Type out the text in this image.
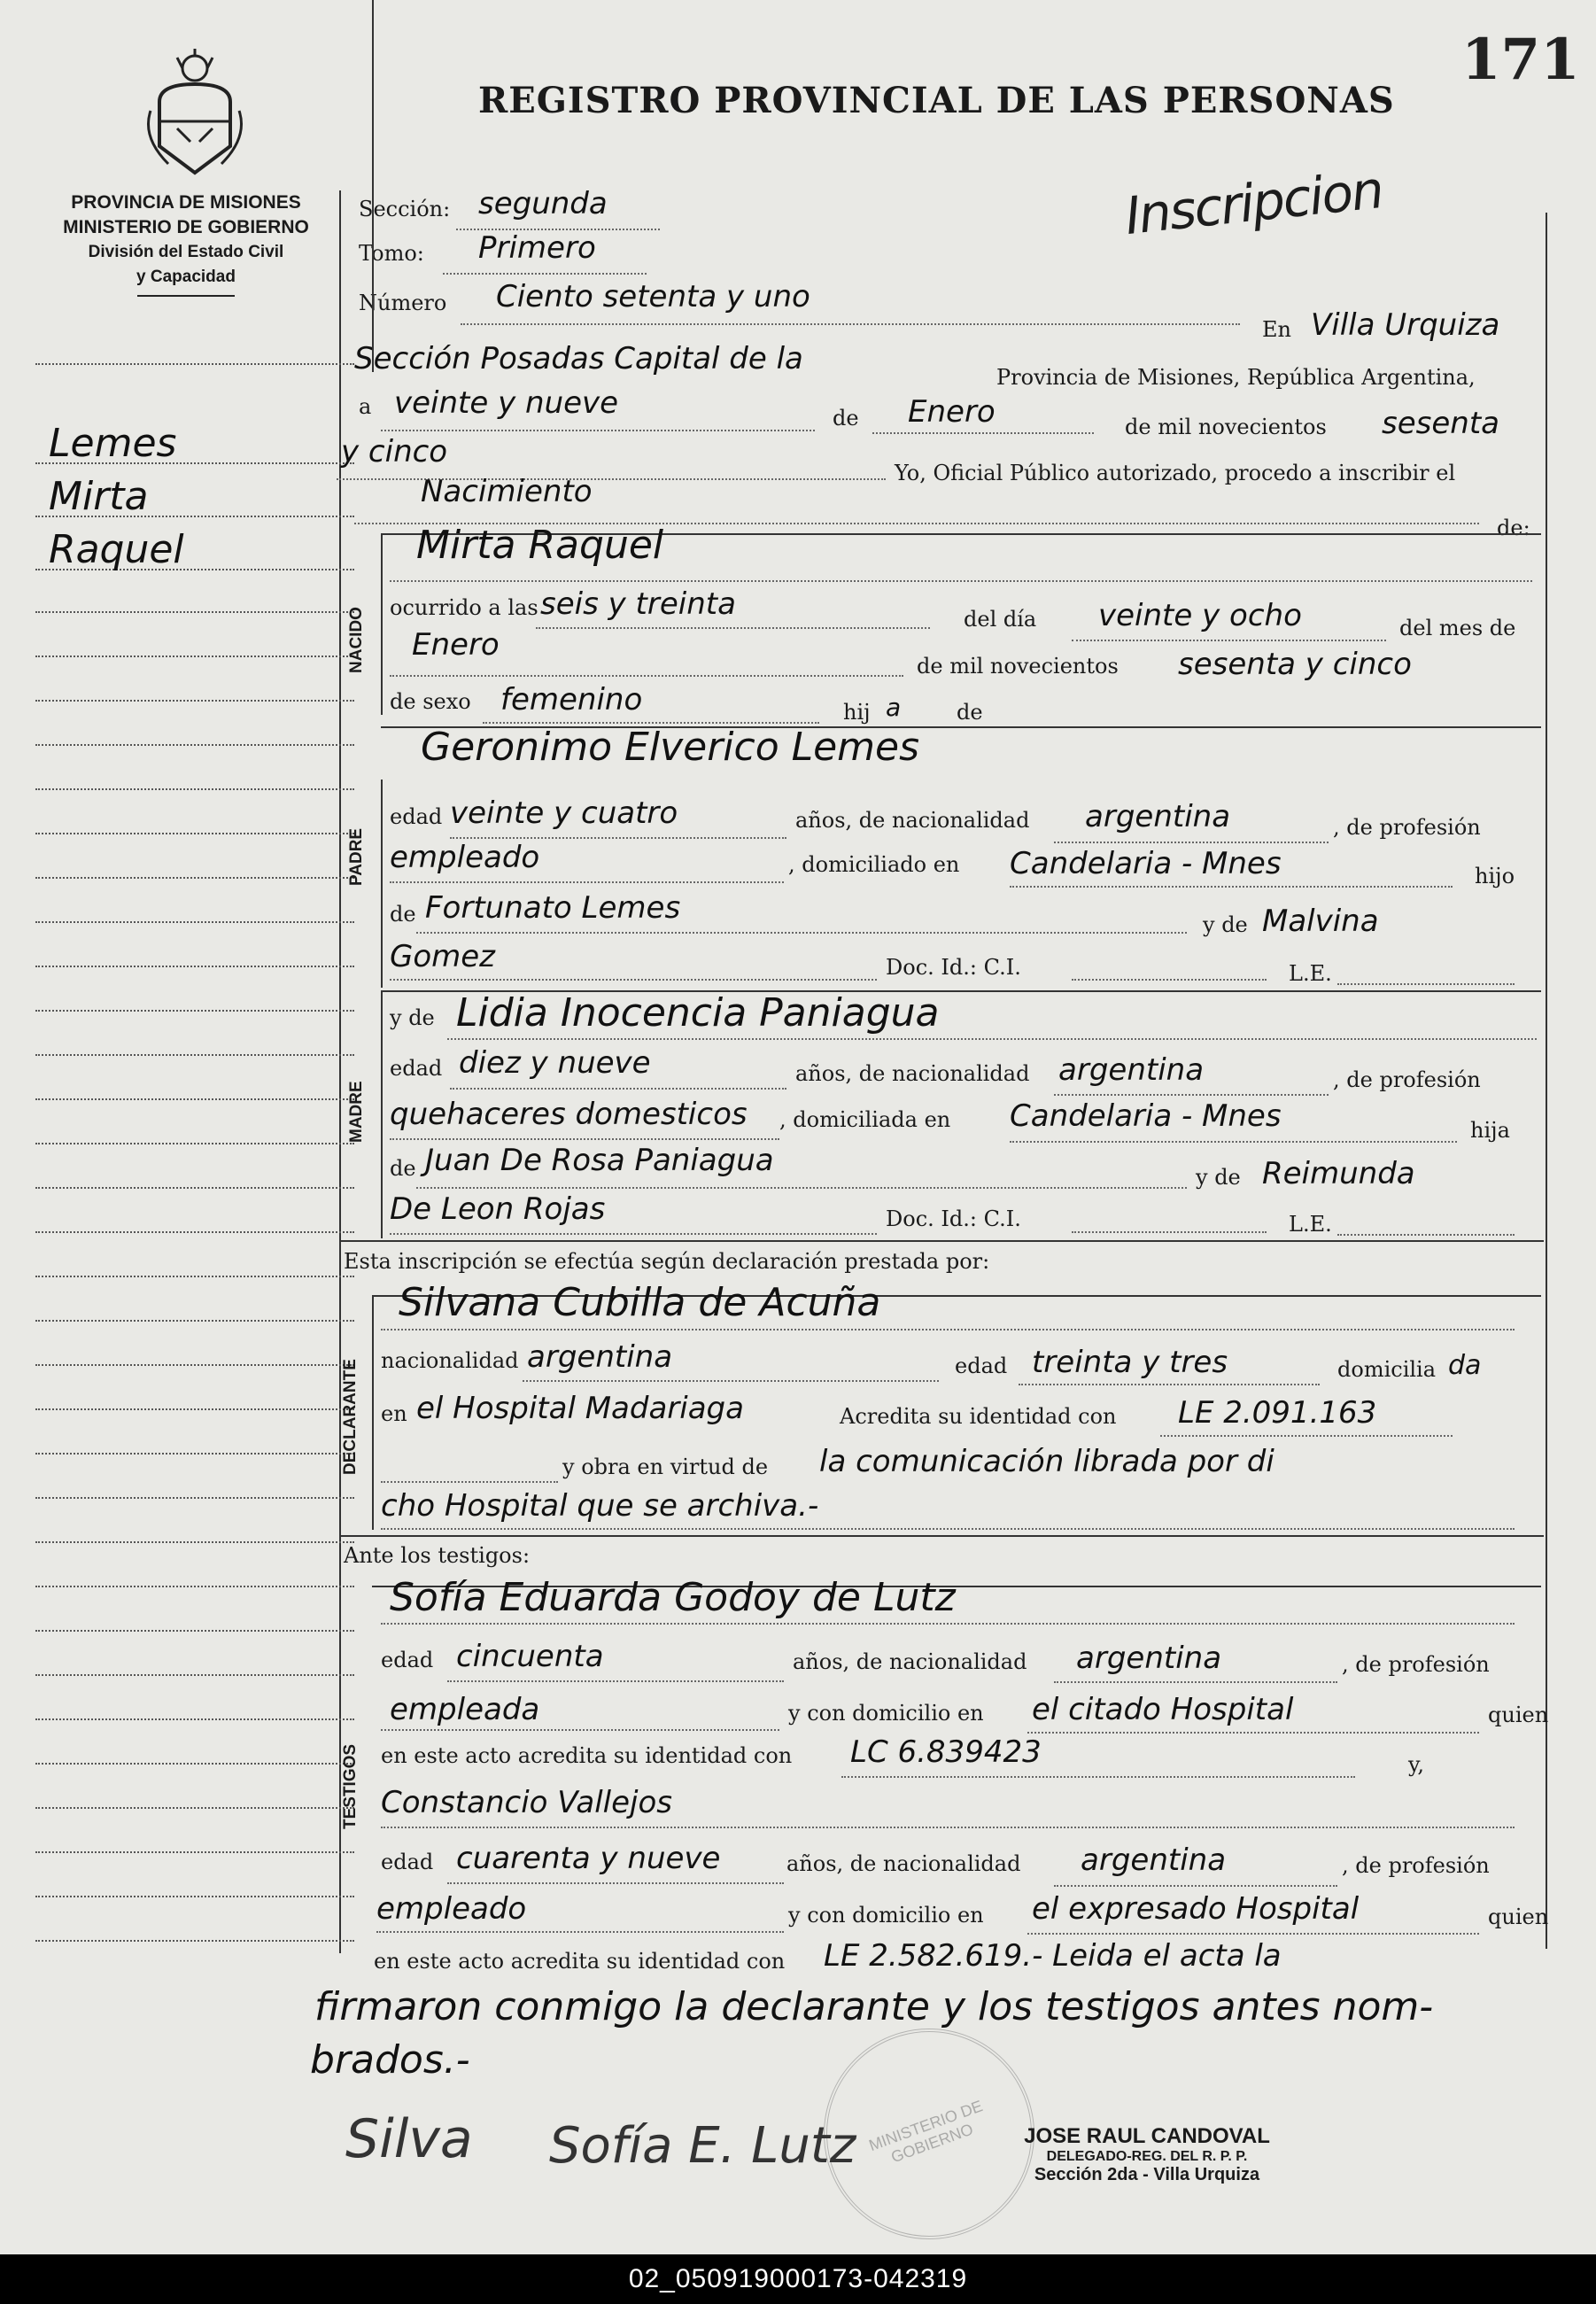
171
REGISTRO PROVINCIAL DE LAS PERSONAS
PROVINCIA DE MISIONES
MINISTERIO DE GOBIERNO
División del Estado Civil
y Capacidad
Inscripcion
Lemes
Mirta
Raquel
Sección: segunda
Tomo: Primero
Número Ciento setenta y uno
En Villa Urquiza
Sección Posadas Capital de la
Provincia de Misiones, República Argentina,
a veinte y nueve	de Enero	de mil novecientos sesenta
y cinco
Yo, Oficial Público autorizado, procedo a inscribir el
Nacimiento
de:
NACIDO
Mirta Raquel
ocurrido a las seis y treinta	del día veinte y ocho	del mes de
Enero
de mil novecientos sesenta y cinco
de sexo femenino	hij a	de
PADRE
Geronimo Elverico Lemes
edad veinte y cuatro	años, de nacionalidad argentina	, de profesión
empleado	, domiciliado en Candelaria - Mnes	hijo
de Fortunato Lemes	y de Malvina
Gomez	Doc. Id.: C.I.	L.E.
MADRE
y de Lidia Inocencia Paniagua
edad diez y nueve	años, de nacionalidad argentina	, de profesión
quehaceres domesticos , domiciliada en Candelaria - Mnes	hija
de Juan De Rosa Paniagua	y de Reimunda
De Leon Rojas	Doc. Id.: C.I.	L.E.
Esta inscripción se efectúa según declaración prestada por:
DECLARANTE
Silvana Cubilla de Acuña
nacionalidad argentina	edad treinta y tres	domicilia da
en el Hospital Madariaga	Acredita su identidad con LE 2.091.163
y obra en virtud de la comunicación librada por di
cho Hospital que se archiva.-
Ante los testigos:
TESTIGOS
Sofía Eduarda Godoy de Lutz
edad cincuenta	años, de nacionalidad argentina	, de profesión
empleada	y con domicilio en el citado Hospital	quien
en este acto acredita su identidad con LC 6.839423	y,
Constancio Vallejos
edad cuarenta y nueve	años, de nacionalidad argentina	, de profesión
empleado	y con domicilio en el expresado Hospital	quien
en este acto acredita su identidad con LE 2.582.619.- Leida el acta la
firmaron conmigo la declarante y los testigos antes nom-
brados.-
MINISTERIO DE GOBIERNO
Silva Sofía E. Lutz	JOSE RAUL CANDOVAL
DELEGADO-REG. DEL R. P. P.
Sección 2da - Villa Urquiza
02_050919000173-042319
